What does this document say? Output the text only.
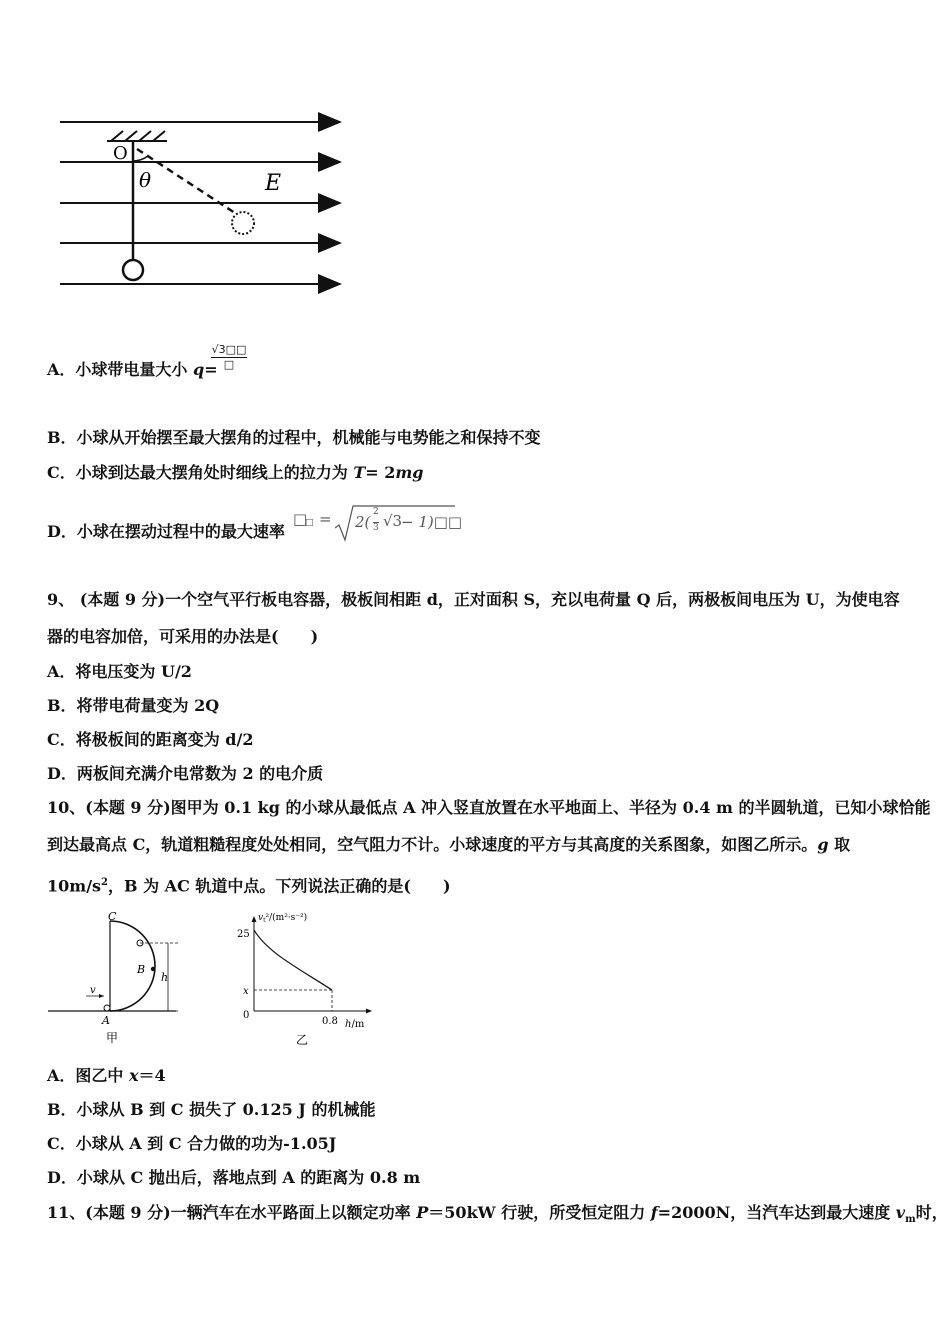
O
θ	E
A．小球带电量大小 q=
√3□□
□
B．小球从开始摆至最大摆角的过程中，机械能与电势能之和保持不变
C．小球到达最大摆角处时细线上的拉力为 T= 2mg
D．小球在摆动过程中的最大速率
□
□ = 2(
2
3 √3
− 1)□□
9、 (本题 9 分)一个空气平行板电容器，极板间相距 d，正对面积 S，充以电荷量 Q 后，两极板间电压为 U，为使电容
器的电容加倍，可采用的办法是(　　)
A．将电压变为 U/2
B．将带电荷量变为 2Q
C．将极板间的距离变为 d/2
D．两板间充满介电常数为 2 的电介质
10、(本题 9 分)图甲为 0.1 kg 的小球从最低点 A 冲入竖直放置在水平地面上、半径为 0.4 m 的半圆轨道，已知小球恰能
到达最高点 C，轨道粗糙程度处处相同，空气阻力不计。小球速度的平方与其高度的关系图象，如图乙所示。g 取
$10m/s^2$，B 为 AC 轨道中点。下列说法正确的是(　　)
C
B
A
v
h
甲
$v_t^2/(m^2\cdot s^{-2})$
25
x
0
0.8 h/m
乙
A．图乙中 x＝4
B．小球从 B 到 C 损失了 0.125 J 的机械能
C．小球从 A 到 C 合力做的功为-1.05J
D．小球从 C 抛出后，落地点到 A 的距离为 0.8 m
11、(本题 9 分)一辆汽车在水平路面上以额定功率 P＝50kW 行驶，所受恒定阻力 f=2000N，当汽车达到最大速度 $v_m$时，
